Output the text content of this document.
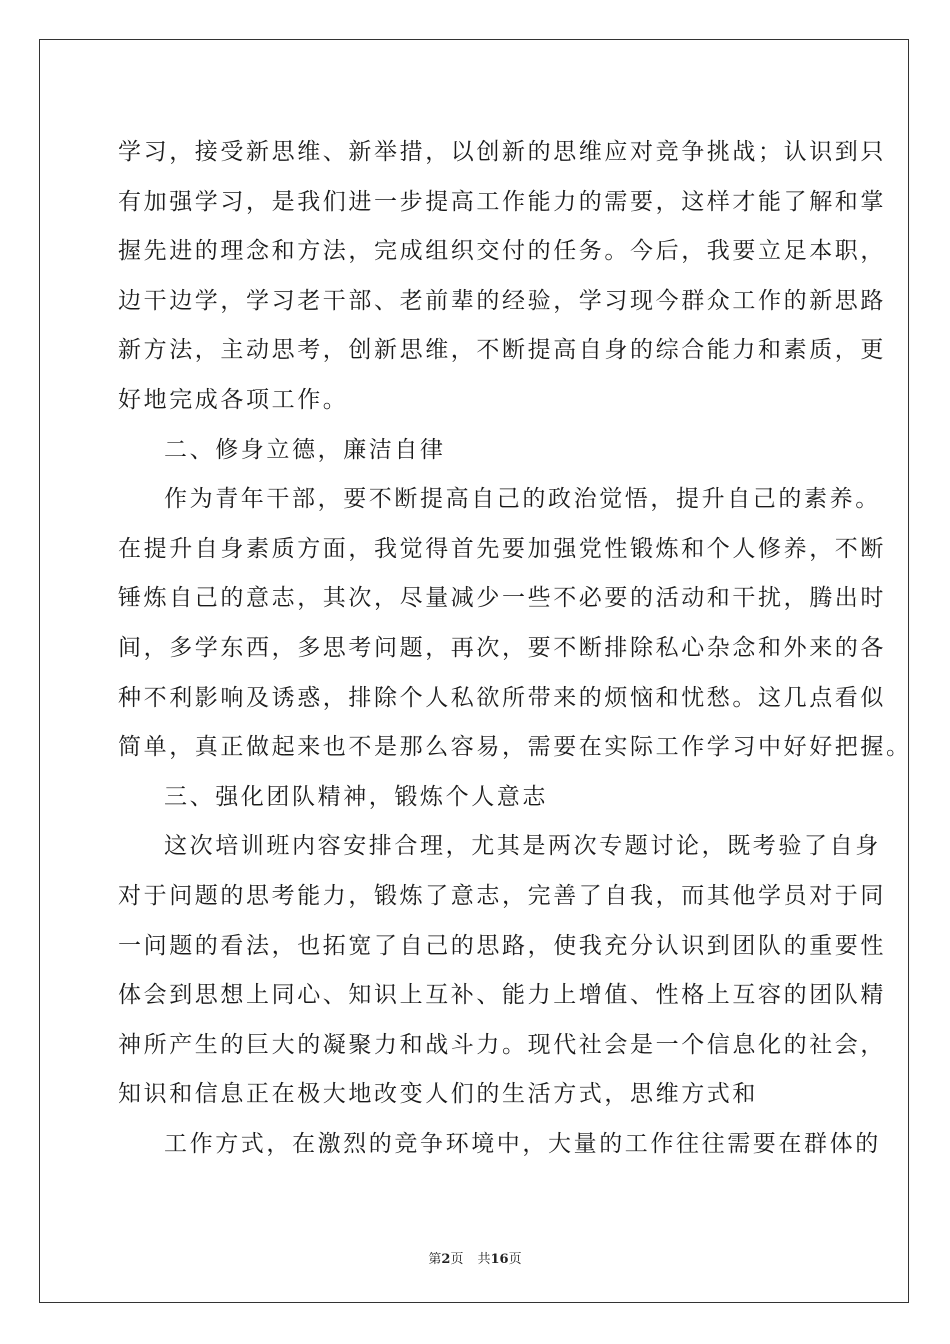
学习，接受新思维、新举措，以创新的思维应对竞争挑战；认识到只
有加强学习，是我们进一步提高工作能力的需要，这样才能了解和掌
握先进的理念和方法，完成组织交付的任务。今后，我要立足本职，
边干边学，学习老干部、老前辈的经验，学习现今群众工作的新思路
新方法，主动思考，创新思维，不断提高自身的综合能力和素质，更
好地完成各项工作。
二、修身立德，廉洁自律
作为青年干部，要不断提高自己的政治觉悟，提升自己的素养。
在提升自身素质方面，我觉得首先要加强党性锻炼和个人修养，不断
锤炼自己的意志，其次，尽量减少一些不必要的活动和干扰，腾出时
间，多学东西，多思考问题，再次，要不断排除私心杂念和外来的各
种不利影响及诱惑，排除个人私欲所带来的烦恼和忧愁。这几点看似
简单，真正做起来也不是那么容易，需要在实际工作学习中好好把握。
三、强化团队精神，锻炼个人意志
这次培训班内容安排合理，尤其是两次专题讨论，既考验了自身
对于问题的思考能力，锻炼了意志，完善了自我，而其他学员对于同
一问题的看法，也拓宽了自己的思路，使我充分认识到团队的重要性
体会到思想上同心、知识上互补、能力上增值、性格上互容的团队精
神所产生的巨大的凝聚力和战斗力。现代社会是一个信息化的社会，
知识和信息正在极大地改变人们的生活方式，思维方式和
工作方式，在激烈的竞争环境中，大量的工作往往需要在群体的
第2页 共16页
